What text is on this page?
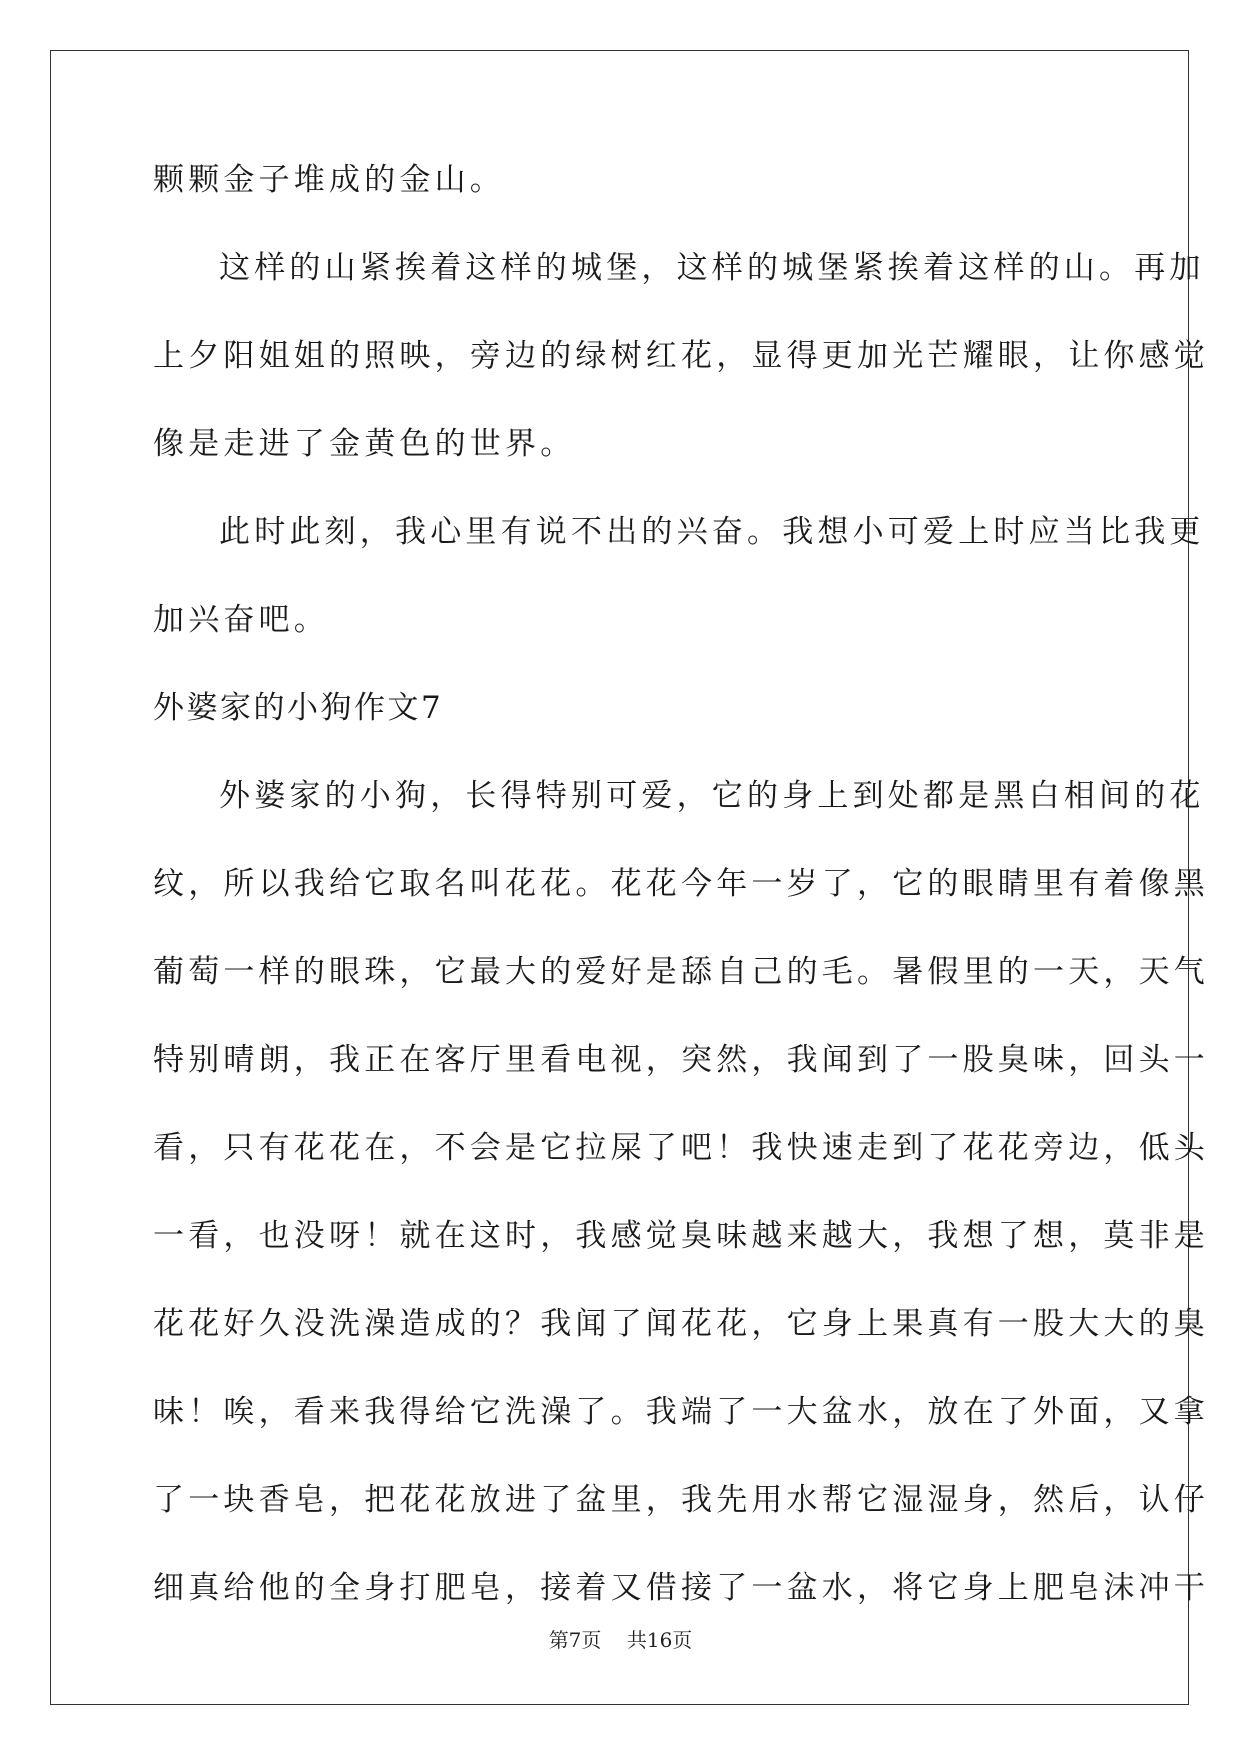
颗颗金子堆成的金山。

这样的山紧挨着这样的城堡，这样的城堡紧挨着这样的山。再加

上夕阳姐姐的照映，旁边的绿树红花，显得更加光芒耀眼，让你感觉

像是走进了金黄色的世界。

此时此刻，我心里有说不出的兴奋。我想小可爱上时应当比我更

加兴奋吧。

外婆家的小狗作文7

外婆家的小狗，长得特别可爱，它的身上到处都是黑白相间的花

纹，所以我给它取名叫花花。花花今年一岁了，它的眼睛里有着像黑

葡萄一样的眼珠，它最大的爱好是舔自己的毛。暑假里的一天，天气

特别晴朗，我正在客厅里看电视，突然，我闻到了一股臭味，回头一

看，只有花花在，不会是它拉屎了吧！我快速走到了花花旁边，低头

一看，也没呀！就在这时，我感觉臭味越来越大，我想了想，莫非是

花花好久没洗澡造成的？我闻了闻花花，它身上果真有一股大大的臭

味！唉，看来我得给它洗澡了。我端了一大盆水，放在了外面，又拿

了一块香皂，把花花放进了盆里，我先用水帮它湿湿身，然后，认仔

细真给他的全身打肥皂，接着又借接了一盆水，将它身上肥皂沫冲干

第7页 共16页
